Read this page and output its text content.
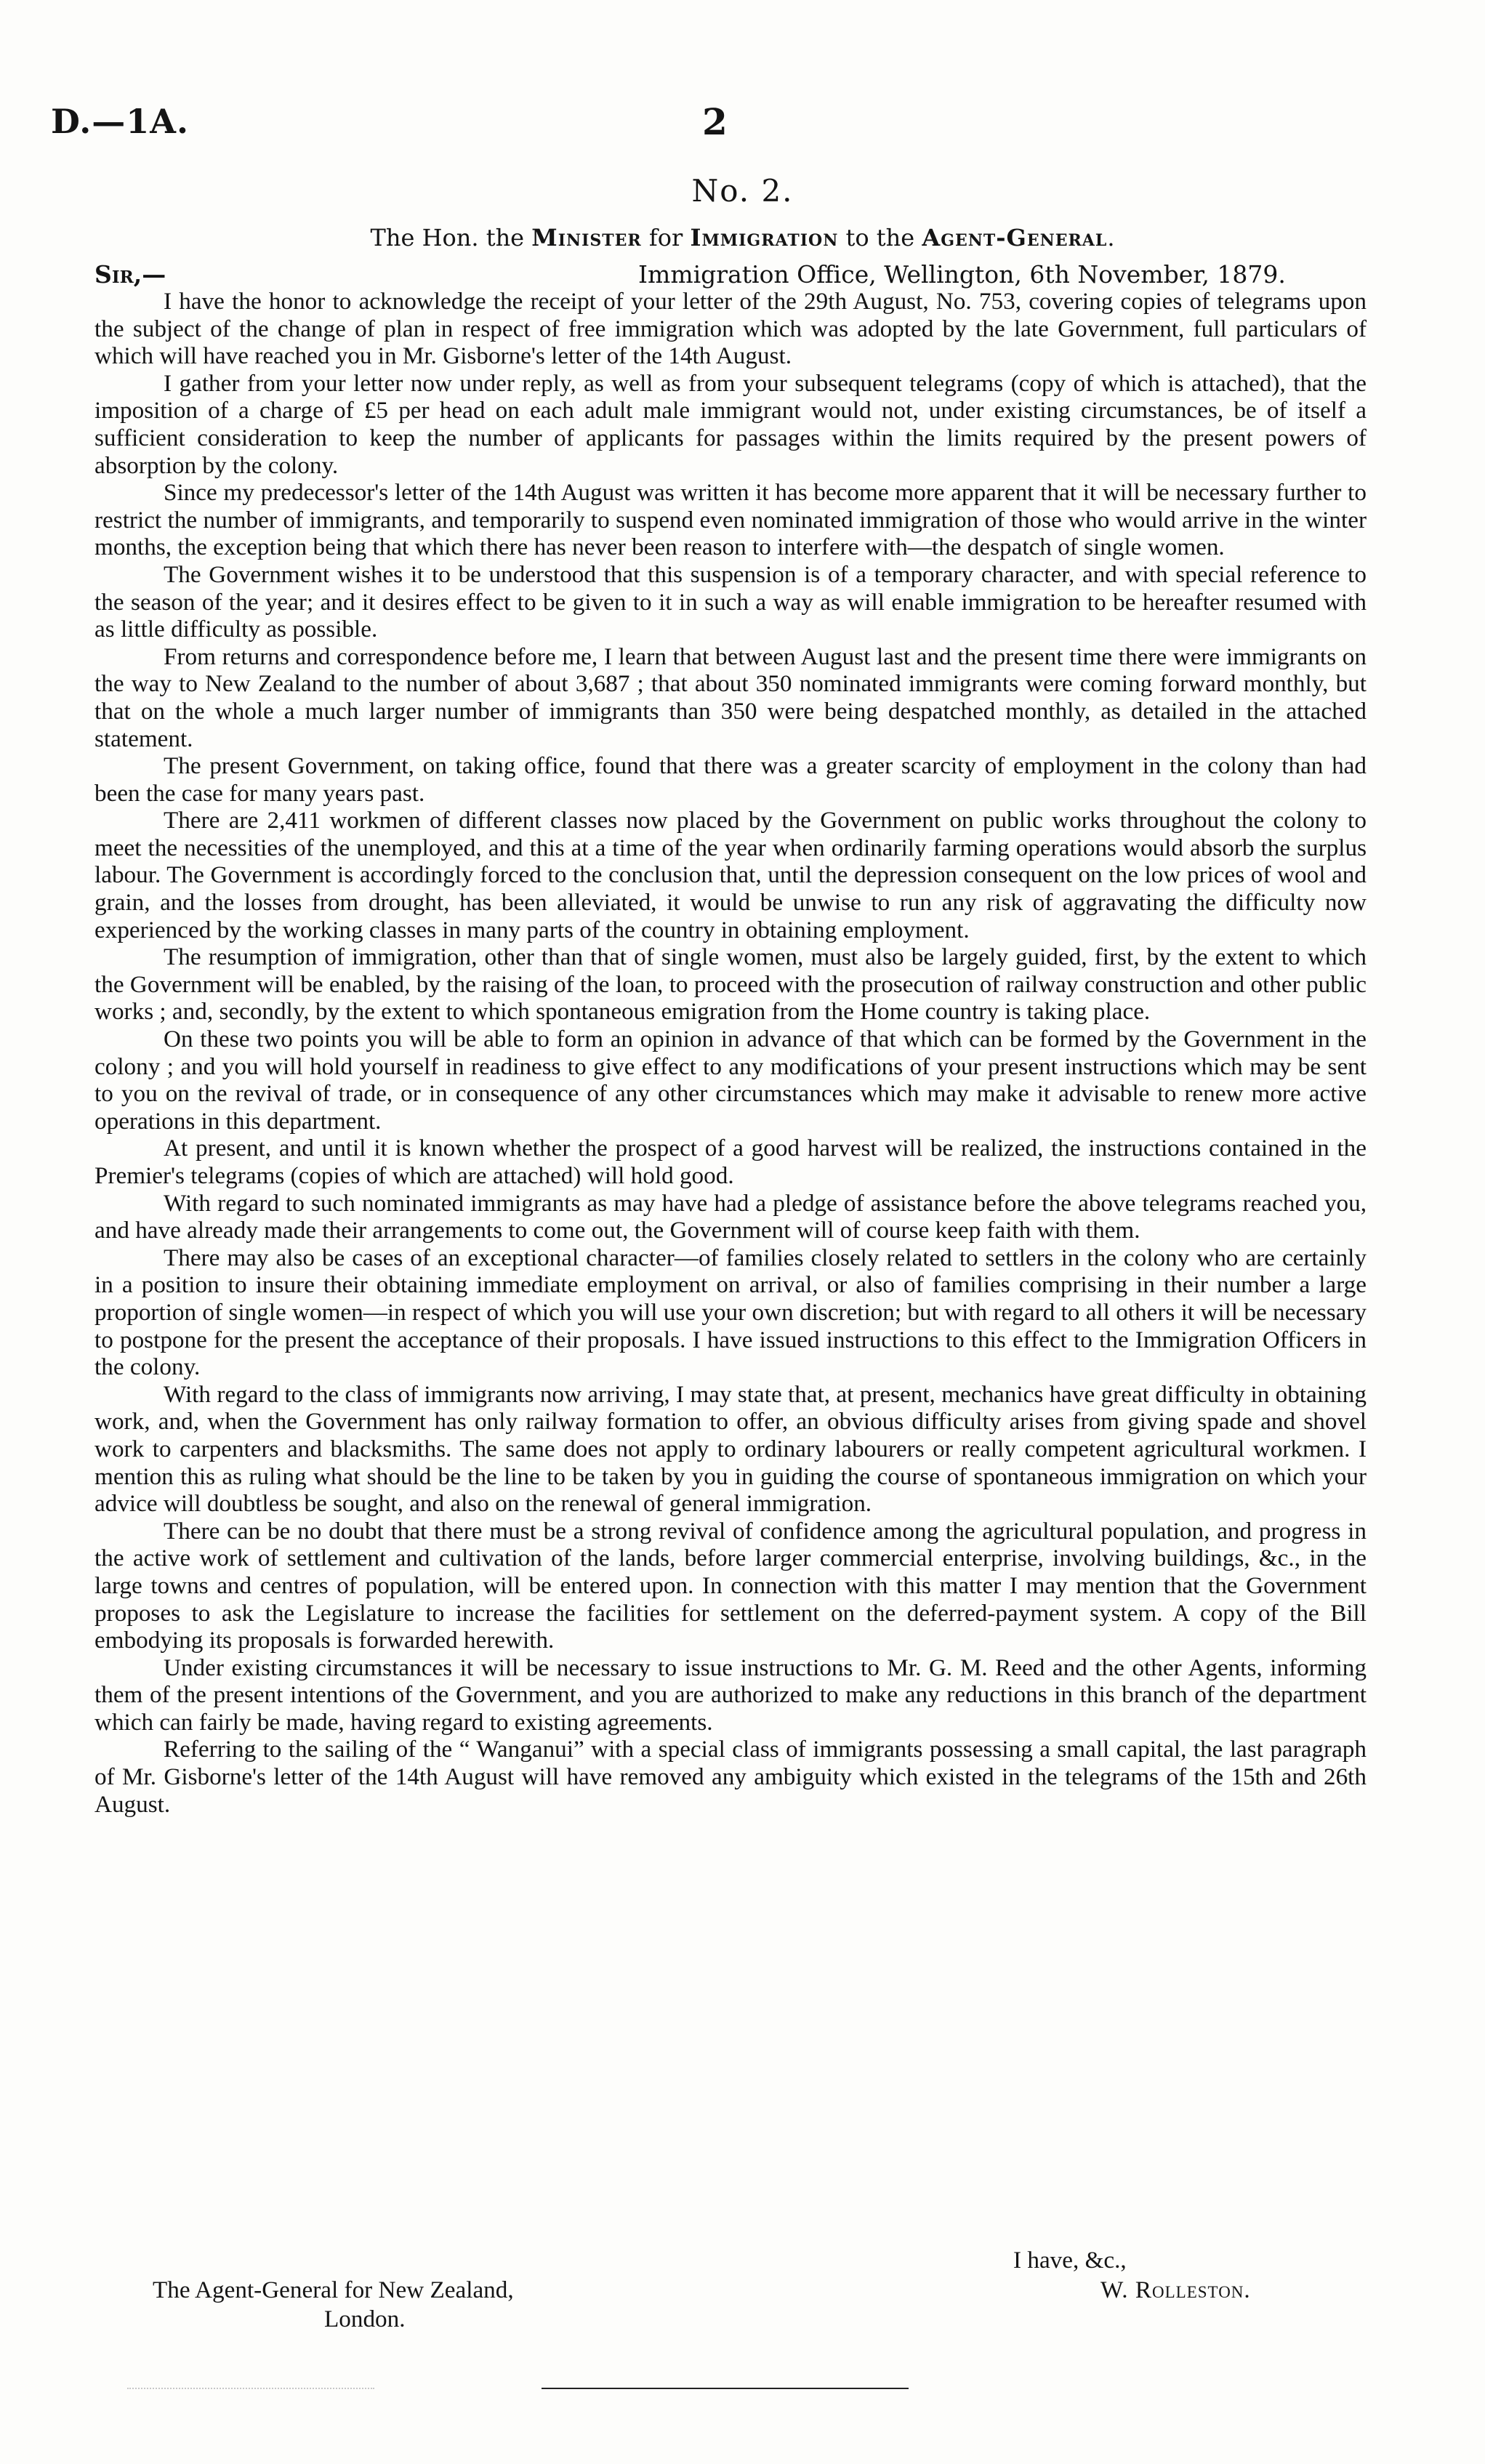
D.—1A.	2
No. 2.
The Hon. the Minister for Immigration to the Agent-General.
Sir,—	Immigration Office, Wellington, 6th November, 1879.

I have the honor to acknowledge the receipt of your letter of the 29th August, No. 753, covering copies of telegrams upon the subject of the change of plan in respect of free immigration which was adopted by the late Government, full particulars of which will have reached you in Mr. Gisborne's letter of the 14th August.

I gather from your letter now under reply, as well as from your subsequent telegrams (copy of which is attached), that the imposition of a charge of £5 per head on each adult male immigrant would not, under existing circumstances, be of itself a sufficient consideration to keep the number of applicants for passages within the limits required by the present powers of absorption by the colony.

Since my predecessor's letter of the 14th August was written it has become more apparent that it will be necessary further to restrict the number of immigrants, and temporarily to suspend even nominated immigration of those who would arrive in the winter months, the exception being that which there has never been reason to interfere with—the despatch of single women.

The Government wishes it to be understood that this suspension is of a temporary character, and with special reference to the season of the year; and it desires effect to be given to it in such a way as will enable immigration to be hereafter resumed with as little difficulty as possible.

From returns and correspondence before me, I learn that between August last and the present time there were immigrants on the way to New Zealand to the number of about 3,687 ; that about 350 nominated immigrants were coming forward monthly, but that on the whole a much larger number of immigrants than 350 were being despatched monthly, as detailed in the attached statement.

The present Government, on taking office, found that there was a greater scarcity of employment in the colony than had been the case for many years past.

There are 2,411 workmen of different classes now placed by the Government on public works throughout the colony to meet the necessities of the unemployed, and this at a time of the year when ordinarily farming operations would absorb the surplus labour. The Government is accordingly forced to the conclusion that, until the depression consequent on the low prices of wool and grain, and the losses from drought, has been alleviated, it would be unwise to run any risk of aggravating the difficulty now experienced by the working classes in many parts of the country in obtaining employment.

The resumption of immigration, other than that of single women, must also be largely guided, first, by the extent to which the Government will be enabled, by the raising of the loan, to proceed with the prosecution of railway construction and other public works ; and, secondly, by the extent to which spontaneous emigration from the Home country is taking place.

On these two points you will be able to form an opinion in advance of that which can be formed by the Government in the colony ; and you will hold yourself in readiness to give effect to any modifications of your present instructions which may be sent to you on the revival of trade, or in consequence of any other circumstances which may make it advisable to renew more active operations in this department.

At present, and until it is known whether the prospect of a good harvest will be realized, the instructions contained in the Premier's telegrams (copies of which are attached) will hold good.

With regard to such nominated immigrants as may have had a pledge of assistance before the above telegrams reached you, and have already made their arrangements to come out, the Government will of course keep faith with them.

There may also be cases of an exceptional character—of families closely related to settlers in the colony who are certainly in a position to insure their obtaining immediate employment on arrival, or also of families comprising in their number a large proportion of single women—in respect of which you will use your own discretion; but with regard to all others it will be necessary to postpone for the present the acceptance of their proposals. I have issued instructions to this effect to the Immigration Officers in the colony.

With regard to the class of immigrants now arriving, I may state that, at present, mechanics have great difficulty in obtaining work, and, when the Government has only railway formation to offer, an obvious difficulty arises from giving spade and shovel work to carpenters and blacksmiths. The same does not apply to ordinary labourers or really competent agricultural workmen. I mention this as ruling what should be the line to be taken by you in guiding the course of spontaneous immigration on which your advice will doubtless be sought, and also on the renewal of general immigration.

There can be no doubt that there must be a strong revival of confidence among the agricultural population, and progress in the active work of settlement and cultivation of the lands, before larger commercial enterprise, involving buildings, &c., in the large towns and centres of population, will be entered upon. In connection with this matter I may mention that the Government proposes to ask the Legislature to increase the facilities for settlement on the deferred-payment system. A copy of the Bill embodying its proposals is forwarded herewith.

Under existing circumstances it will be necessary to issue instructions to Mr. G. M. Reed and the other Agents, informing them of the present intentions of the Government, and you are authorized to make any reductions in this branch of the department which can fairly be made, having regard to existing agreements.

Referring to the sailing of the “ Wanganui” with a special class of immigrants possessing a small capital, the last paragraph of Mr. Gisborne's letter of the 14th August will have removed any ambiguity which existed in the telegrams of the 15th and 26th August.

I have, &c.,
W. Rolleston.
The Agent-General for New Zealand,
London.
